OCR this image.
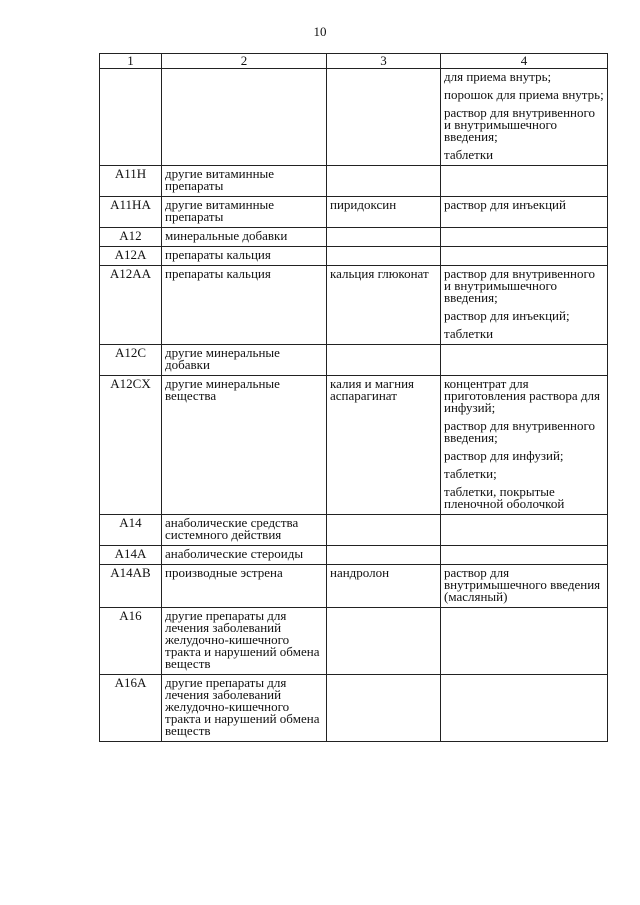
10
1	2	3	4

			для приема внутрь;
порошок для приема внутрь;
раствор для внутривенного и внутримышечного введения;
таблетки

A11H	другие витаминные препараты		
A11HA	другие витаминные препараты	пиридоксин	раствор для инъекций

A12	минеральные добавки		
A12A	препараты кальция		
A12AA	препараты кальция	кальция глюконат	раствор для внутривенного и внутримышечного введения;
раствор для инъекций;
таблетки

A12C	другие минеральные добавки		
A12CX	другие минеральные вещества	калия и магния аспарагинат	концентрат для приготовления раствора для инфузий;
раствор для внутривенного введения;
раствор для инфузий;
таблетки;
таблетки, покрытые пленочной оболочкой

A14	анаболические средства системного действия		
A14A	анаболические стероиды		
A14AB	производные эстрена	нандролон	раствор для внутримышечного введения (масляный)

A16	другие препараты для лечения заболеваний желудочно-кишечного тракта и нарушений обмена веществ		
A16A	другие препараты для лечения заболеваний желудочно-кишечного тракта и нарушений обмена веществ		
